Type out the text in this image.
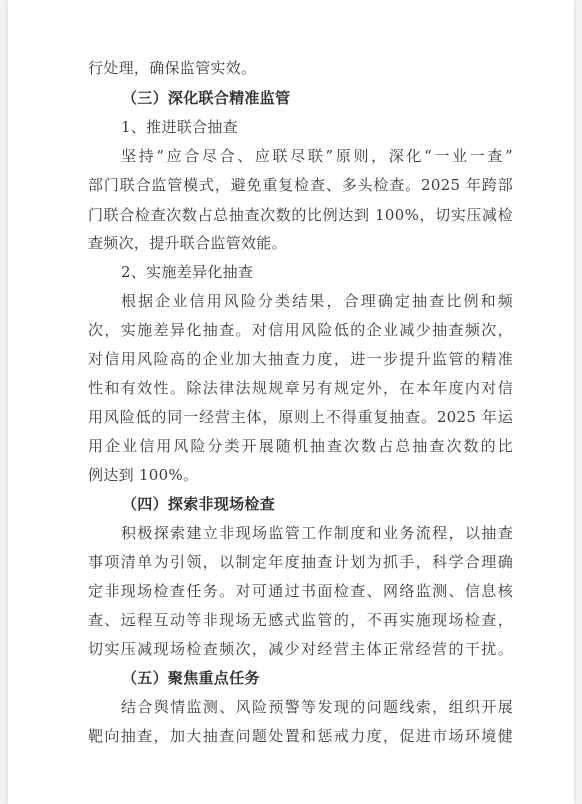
行处理，确保监管实效。
（三）深化联合精准监管
1、推进联合抽查
坚持“应合尽合、应联尽联”原则，深化“一业一查”
部门联合监管模式，避免重复检查、多头检查。2025 年跨部
门联合检查次数占总抽查次数的比例达到 100%，切实压减检
查频次，提升联合监管效能。
2、实施差异化抽查
根据企业信用风险分类结果，合理确定抽查比例和频
次，实施差异化抽查。对信用风险低的企业减少抽查频次，
对信用风险高的企业加大抽查力度，进一步提升监管的精准
性和有效性。除法律法规规章另有规定外，在本年度内对信
用风险低的同一经营主体，原则上不得重复抽查。2025 年运
用企业信用风险分类开展随机抽查次数占总抽查次数的比
例达到 100%。
（四）探索非现场检查
积极探索建立非现场监管工作制度和业务流程，以抽查
事项清单为引领，以制定年度抽查计划为抓手，科学合理确
定非现场检查任务。对可通过书面检查、网络监测、信息核
查、远程互动等非现场无感式监管的，不再实施现场检查，
切实压减现场检查频次，减少对经营主体正常经营的干扰。
（五）聚焦重点任务
结合舆情监测、风险预警等发现的问题线索，组织开展
靶向抽查，加大抽查问题处置和惩戒力度，促进市场环境健
